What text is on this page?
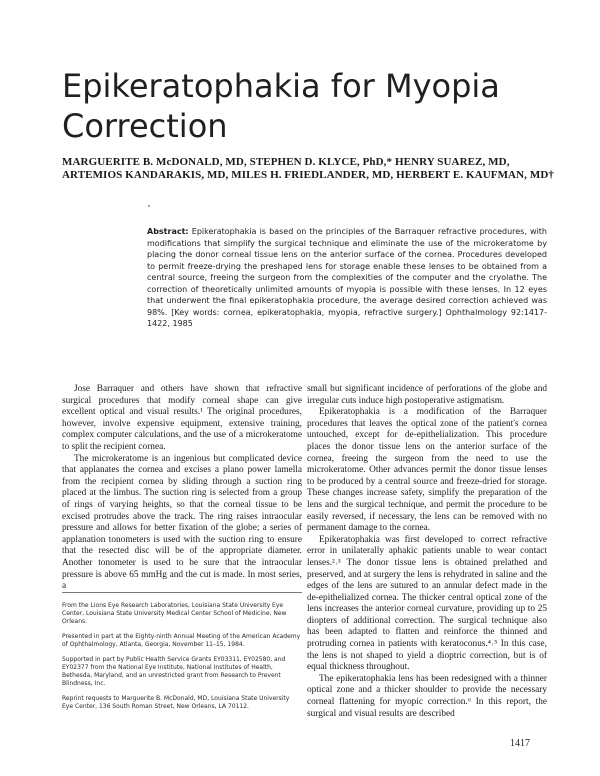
Epikeratophakia for Myopia Correction

MARGUERITE B. McDONALD, MD, STEPHEN D. KLYCE, PhD,* HENRY SUAREZ, MD, ARTEMIOS KANDARAKIS, MD, MILES H. FRIEDLANDER, MD, HERBERT E. KAUFMAN, MD†

Abstract: Epikeratophakia is based on the principles of the Barraquer refractive procedures, with modifications that simplify the surgical technique and eliminate the use of the microkeratome by placing the donor corneal tissue lens on the anterior surface of the cornea. Procedures developed to permit freeze-drying the preshaped lens for storage enable these lenses to be obtained from a central source, freeing the surgeon from the complexities of the computer and the cryolathe. The correction of theoretically unlimited amounts of myopia is possible with these lenses. In 12 eyes that underwent the final epikeratophakia procedure, the average desired correction achieved was 98%. [Key words: cornea, epikeratophakia, myopia, refractive surgery.] Ophthalmology 92:1417-1422, 1985

Jose Barraquer and others have shown that refractive surgical procedures that modify corneal shape can give excellent optical and visual results.¹ The original procedures, however, involve expensive equipment, extensive training, complex computer calculations, and the use of a microkeratome to split the recipient cornea.

The microkeratome is an ingenious but complicated device that applanates the cornea and excises a plano power lamella from the recipient cornea by sliding through a suction ring placed at the limbus. The suction ring is selected from a group of rings of varying heights, so that the corneal tissue to be excised protrudes above the track. The ring raises intraocular pressure and allows for better fixation of the globe; a series of applanation tonometers is used with the suction ring to ensure that the resected disc will be of the appropriate diameter. Another tonometer is used to be sure that the intraocular pressure is above 65 mmHg and the cut is made. In most series, a

small but significant incidence of perforations of the globe and irregular cuts induce high postoperative astigmatism.

Epikeratophakia is a modification of the Barraquer procedures that leaves the optical zone of the patient's cornea untouched, except for de-epithelialization. This procedure places the donor tissue lens on the anterior surface of the cornea, freeing the surgeon from the need to use the microkeratome. Other advances permit the donor tissue lenses to be produced by a central source and freeze-dried for storage. These changes increase safety, simplify the preparation of the lens and the surgical technique, and permit the procedure to be easily reversed, if necessary, the lens can be removed with no permanent damage to the cornea.

Epikeratophakia was first developed to correct refractive error in unilaterally aphakic patients unable to wear contact lenses.²˒³ The donor tissue lens is obtained prelathed and preserved, and at surgery the lens is rehydrated in saline and the edges of the lens are sutured to an annular defect made in the de-epithelialized cornea. The thicker central optical zone of the lens increases the anterior corneal curvature, providing up to 25 diopters of additional correction. The surgical technique also has been adapted to flatten and reinforce the thinned and protruding cornea in patients with keratoconus.⁴˒⁵ In this case, the lens is not shaped to yield a dioptric correction, but is of equal thickness throughout.

The epikeratophakia lens has been redesigned with a thinner optical zone and a thicker shoulder to provide the necessary corneal flattening for myopic correction.⁶ In this report, the surgical and visual results are described

From the Lions Eye Research Laboratories, Louisiana State University Eye Center, Louisiana State University Medical Center School of Medicine, New Orleans.

Presented in part at the Eighty-ninth Annual Meeting of the American Academy of Ophthalmology, Atlanta, Georgia, November 11–15, 1984.

Supported in part by Public Health Service Grants EY03311, EY02580, and EY02377 from the National Eye Institute, National Institutes of Health, Bethesda, Maryland, and an unrestricted grant from Research to Prevent Blindness, Inc.

Reprint requests to Marguerite B. McDonald, MD, Louisiana State University Eye Center, 136 South Roman Street, New Orleans, LA 70112.

1417
